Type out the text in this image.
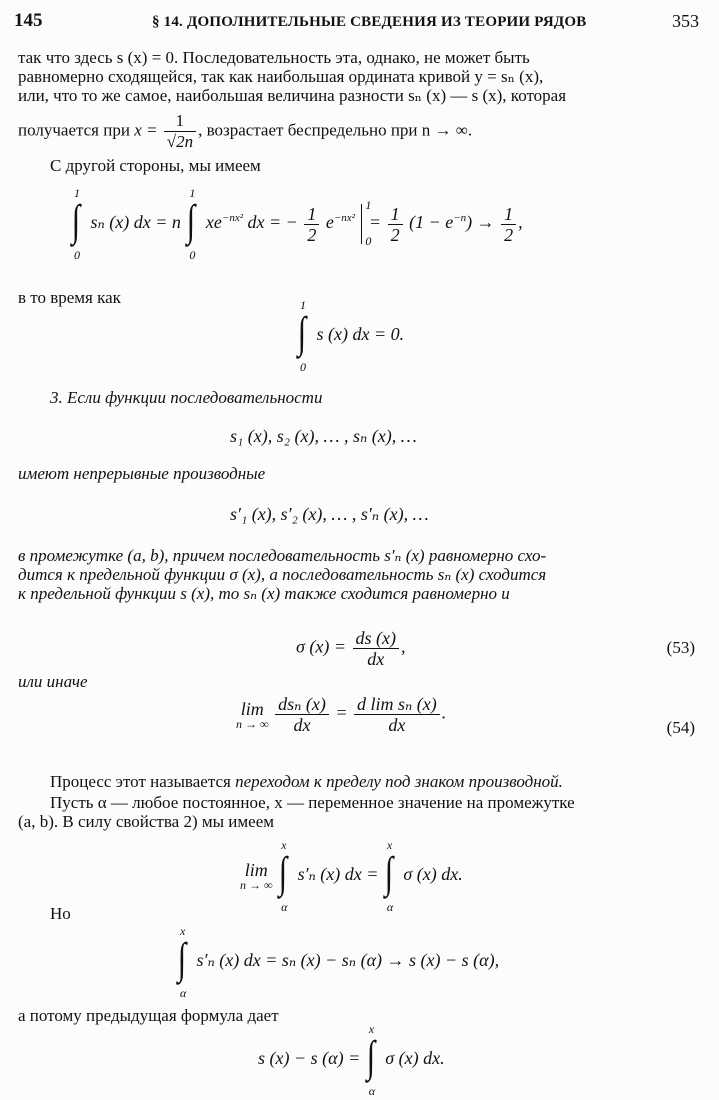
145	§ 14. ДОПОЛНИТЕЛЬНЫЕ СВЕДЕНИЯ ИЗ ТЕОРИИ РЯДОВ	353
так что здесь s (x) = 0. Последовательность эта, однако, не может быть
равномерно сходящейся, так как наибольшая ордината кривой y = sₙ (x),
или, что то же самое, наибольшая величина разности sₙ (x) — s (x), которая
получается при $x = \frac{1}{√2n}$ , возрастает беспредельно при n → ∞.
С другой стороны, мы имеем
1
∫
0
sₙ (x) dx = n
1
∫
0
$xe^{-nx^2}$ dx = − $\frac{1}{2} e^{-nx^2}$
1
0
= $\frac{1}{2} (1 - e^{-n}) \to \frac{1}{2}$ ,
в то время как	1
∫
0
s (x) dx = 0.
3. Если функции последовательности
s₁ (x), s₂ (x), … , sₙ (x), …
имеют непрерывные производные
s′₁ (x), s′₂ (x), … , s′ₙ (x), …
в промежутке (a, b), причем последовательность s′ₙ (x) равномерно схо-
дится к предельной функции σ (x), а последовательность sₙ (x) сходится
к предельной функции s (x), то sₙ (x) также сходится равномерно и
σ $(x) = \frac{ds (x)}{dx}$ ,	(53)
или иначе
lim
n → ∞
$\frac{\text{dsₙ (x)}}{dx} = \frac{\text{d lim sₙ (x)}}{dx}$ .
(54)
Процесс этот называется переходом к пределу под знаком производной.
Пусть α — любое постоянное, x — переменное значение на промежутке
(a, b). В силу свойства 2) мы имеем
lim
n → ∞

x
∫
α
s′ₙ (x) dx =
x
∫
α
σ (x) dx.
Но
x
∫
α
s′ₙ (x) dx = sₙ (x) − sₙ (α) → s (x) − s (α),
а потому предыдущая формула дает
s (x) − s (α) =
x
∫
α
σ (x) dx.
